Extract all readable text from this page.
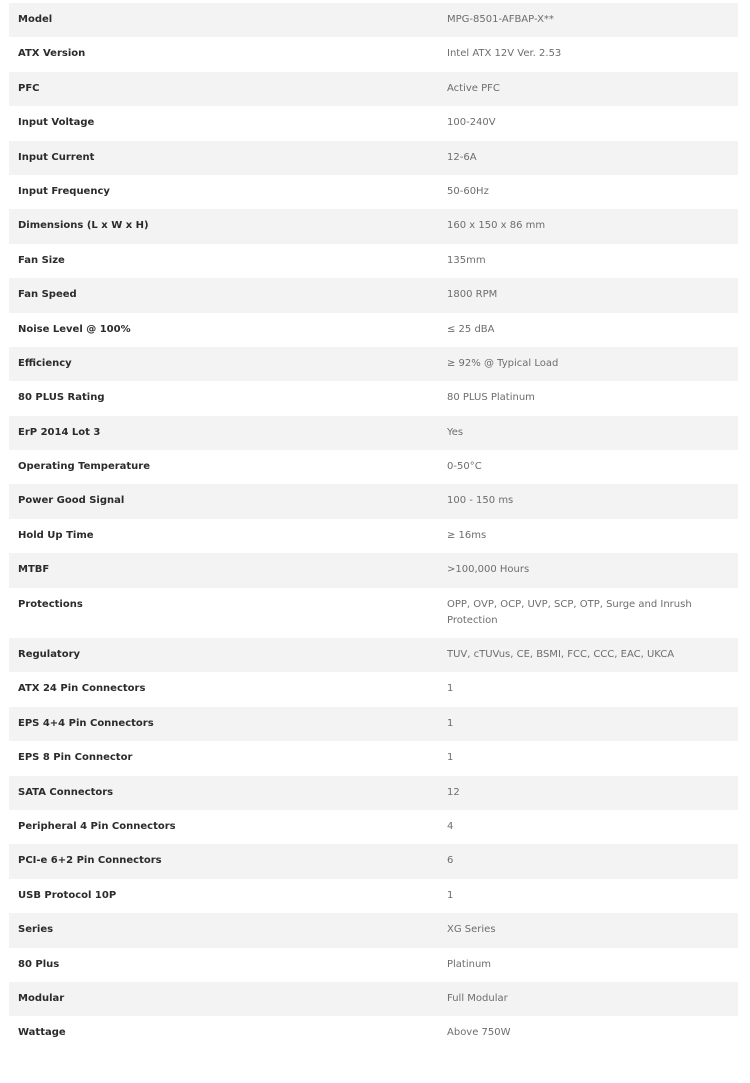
Model	MPG-8501-AFBAP-X**
ATX Version	Intel ATX 12V Ver. 2.53
PFC	Active PFC
Input Voltage	100-240V
Input Current	12-6A
Input Frequency	50-60Hz
Dimensions (L x W x H)	160 x 150 x 86 mm
Fan Size	135mm
Fan Speed	1800 RPM
Noise Level @ 100%	≤ 25 dBA
Efficiency	≥ 92% @ Typical Load
80 PLUS Rating	80 PLUS Platinum
ErP 2014 Lot 3	Yes
Operating Temperature	0-50°C
Power Good Signal	100 - 150 ms
Hold Up Time	≥ 16ms
MTBF	>100,000 Hours
Protections	OPP, OVP, OCP, UVP, SCP, OTP, Surge and Inrush Protection
Regulatory	TUV, cTUVus, CE, BSMI, FCC, CCC, EAC, UKCA
ATX 24 Pin Connectors	1
EPS 4+4 Pin Connectors	1
EPS 8 Pin Connector	1
SATA Connectors	12
Peripheral 4 Pin Connectors	4
PCI-e 6+2 Pin Connectors	6
USB Protocol 10P	1
Series	XG Series
80 Plus	Platinum
Modular	Full Modular
Wattage	Above 750W
